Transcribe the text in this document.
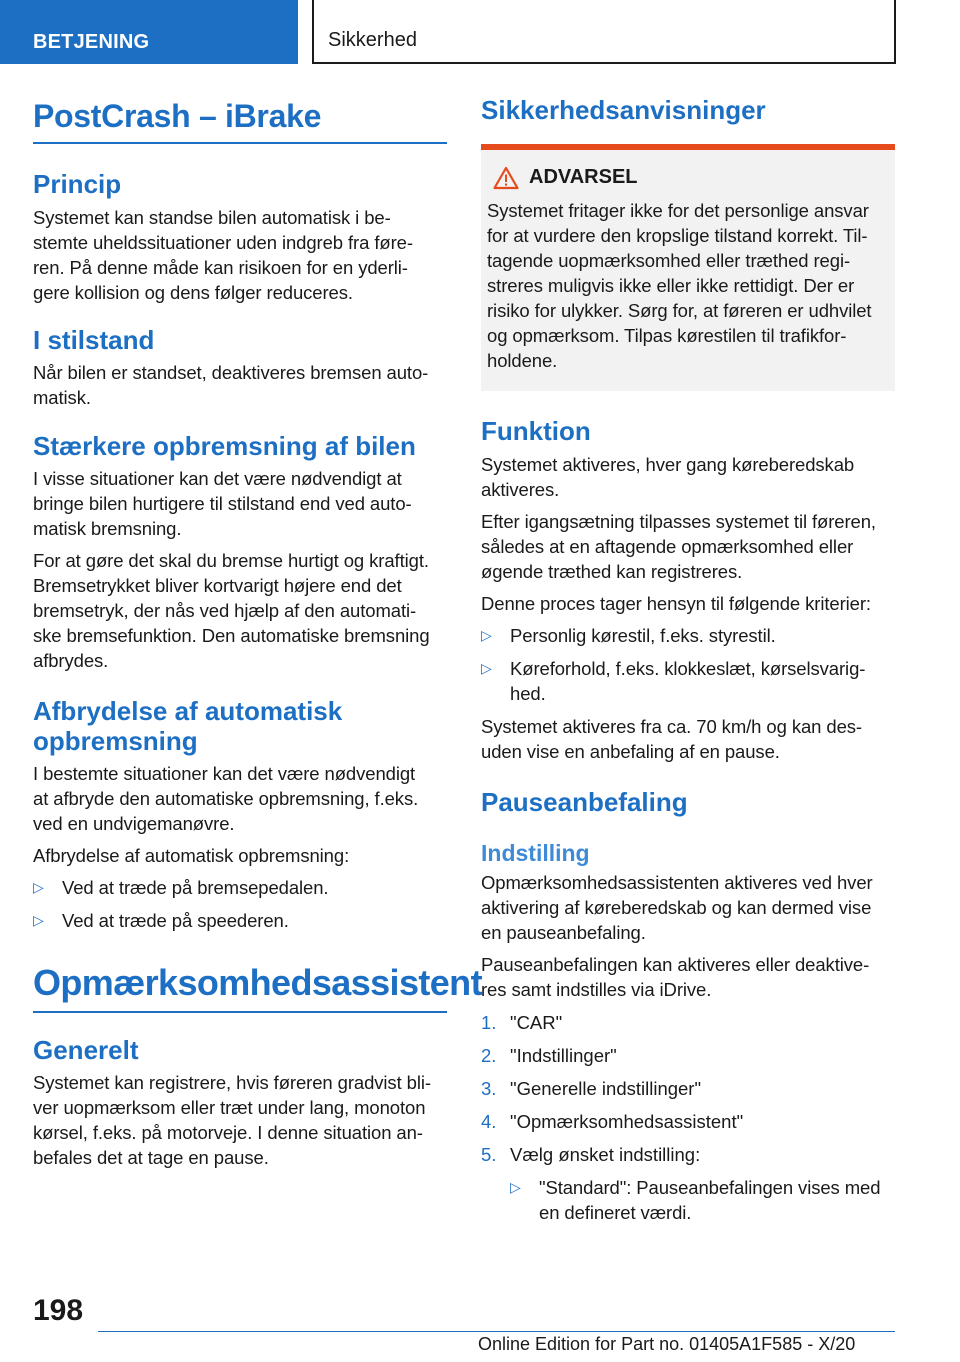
BETJENING	Sikkerhed
PostCrash – iBrake
Princip

Systemet kan standse bilen automatisk i be-
stemte uheldssituationer uden indgreb fra føre-
ren. På denne måde kan risikoen for en yderli-
gere kollision og dens følger reduceres.

I stilstand

Når bilen er standset, deaktiveres bremsen auto-
matisk.

Stærkere opbremsning af bilen

I visse situationer kan det være nødvendigt at
bringe bilen hurtigere til stilstand end ved auto-
matisk bremsning.

For at gøre det skal du bremse hurtigt og kraftigt.
Bremsetrykket bliver kortvarigt højere end det
bremsetryk, der nås ved hjælp af den automati-
ske bremsefunktion. Den automatiske bremsning
afbrydes.

Afbrydelse af automatisk
opbremsning

I bestemte situationer kan det være nødvendigt
at afbryde den automatiske opbremsning, f.eks.
ved en undvigemanøvre.

Afbrydelse af automatisk opbremsning:

▷ Ved at træde på bremsepedalen.
▷ Ved at træde på speederen.
Opmærksomhedsassistent
Generelt

Systemet kan registrere, hvis føreren gradvist bli-
ver uopmærksom eller træt under lang, monoton
kørsel, f.eks. på motorveje. I denne situation an-
befales det at tage en pause.

Sikkerhedsanvisninger
ADVARSEL

Systemet fritager ikke for det personlige ansvar
for at vurdere den kropslige tilstand korrekt. Til-
tagende uopmærksomhed eller træthed regi-
streres muligvis ikke eller ikke rettidigt. Der er
risiko for ulykker. Sørg for, at føreren er udhvilet
og opmærksom. Tilpas kørestilen til trafikfor-
holdene.

Funktion

Systemet aktiveres, hver gang køreberedskab
aktiveres.

Efter igangsætning tilpasses systemet til føreren,
således at en aftagende opmærksomhed eller
øgende træthed kan registreres.

Denne proces tager hensyn til følgende kriterier:

▷ Personlig kørestil, f.eks. styrestil.
▷ Køreforhold, f.eks. klokkeslæt, kørselsvarig-
hed.

Systemet aktiveres fra ca. 70 km/h og kan des-
uden vise en anbefaling af en pause.

Pauseanbefaling
Indstilling

Opmærksomhedsassistenten aktiveres ved hver
aktivering af køreberedskab og kan dermed vise
en pauseanbefaling.

Pauseanbefalingen kan aktiveres eller deaktive-
res samt indstilles via iDrive.

1. "CAR"
2. "Indstillinger"
3. "Generelle indstillinger"
4. "Opmærksomhedsassistent"
5. Vælg ønsket indstilling:
▷ "Standard": Pauseanbefalingen vises med
en defineret værdi.
198
Online Edition for Part no. 01405A1F585 - X/20
